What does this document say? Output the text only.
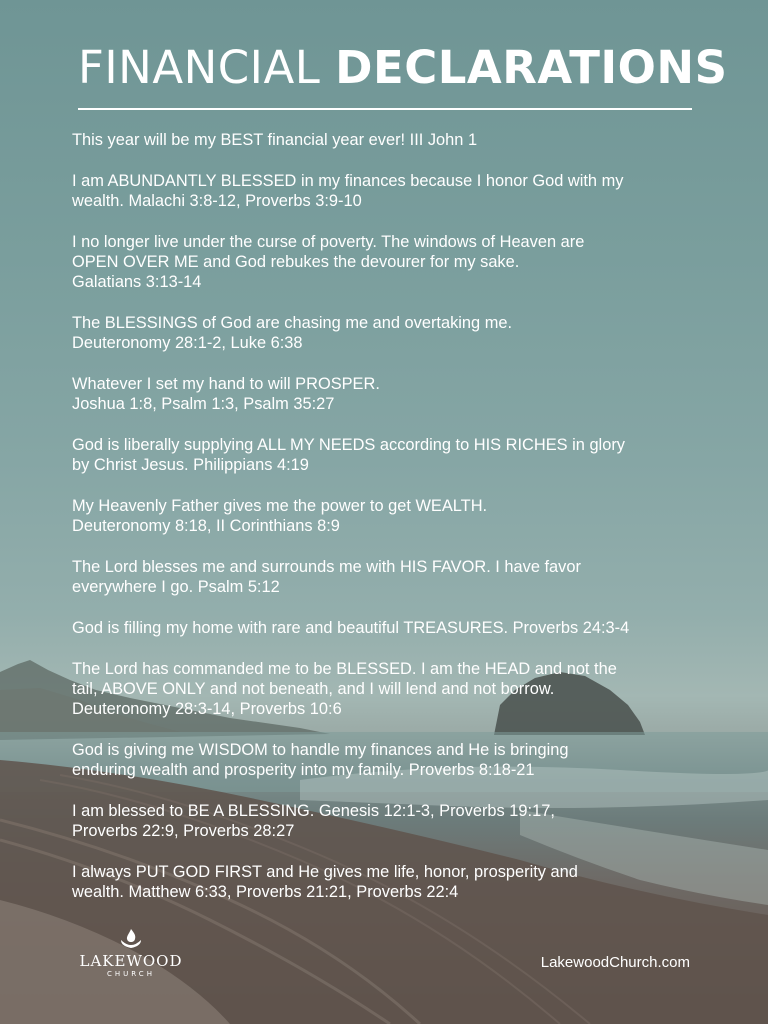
FINANCIAL DECLARATIONS
This year will be my BEST financial year ever! III John 1
I am ABUNDANTLY BLESSED in my finances because I honor God with my
wealth. Malachi 3:8-12, Proverbs 3:9-10
I no longer live under the curse of poverty. The windows of Heaven are
OPEN OVER ME and God rebukes the devourer for my sake.
Galatians 3:13-14
The BLESSINGS of God are chasing me and overtaking me.
Deuteronomy 28:1-2, Luke 6:38
Whatever I set my hand to will PROSPER.
Joshua 1:8, Psalm 1:3, Psalm 35:27
God is liberally supplying ALL MY NEEDS according to HIS RICHES in glory
by Christ Jesus. Philippians 4:19
My Heavenly Father gives me the power to get WEALTH.
Deuteronomy 8:18, II Corinthians 8:9
The Lord blesses me and surrounds me with HIS FAVOR. I have favor
everywhere I go. Psalm 5:12
God is filling my home with rare and beautiful TREASURES. Proverbs 24:3-4
The Lord has commanded me to be BLESSED. I am the HEAD and not the
tail, ABOVE ONLY and not beneath, and I will lend and not borrow.
Deuteronomy 28:3-14, Proverbs 10:6
God is giving me WISDOM to handle my finances and He is bringing
enduring wealth and prosperity into my family. Proverbs 8:18-21
I am blessed to BE A BLESSING. Genesis 12:1-3, Proverbs 19:17,
Proverbs 22:9, Proverbs 28:27
I always PUT GOD FIRST and He gives me life, honor, prosperity and
wealth. Matthew 6:33, Proverbs 21:21, Proverbs 22:4
LAKEWOOD
CHURCH
LakewoodChurch.com
